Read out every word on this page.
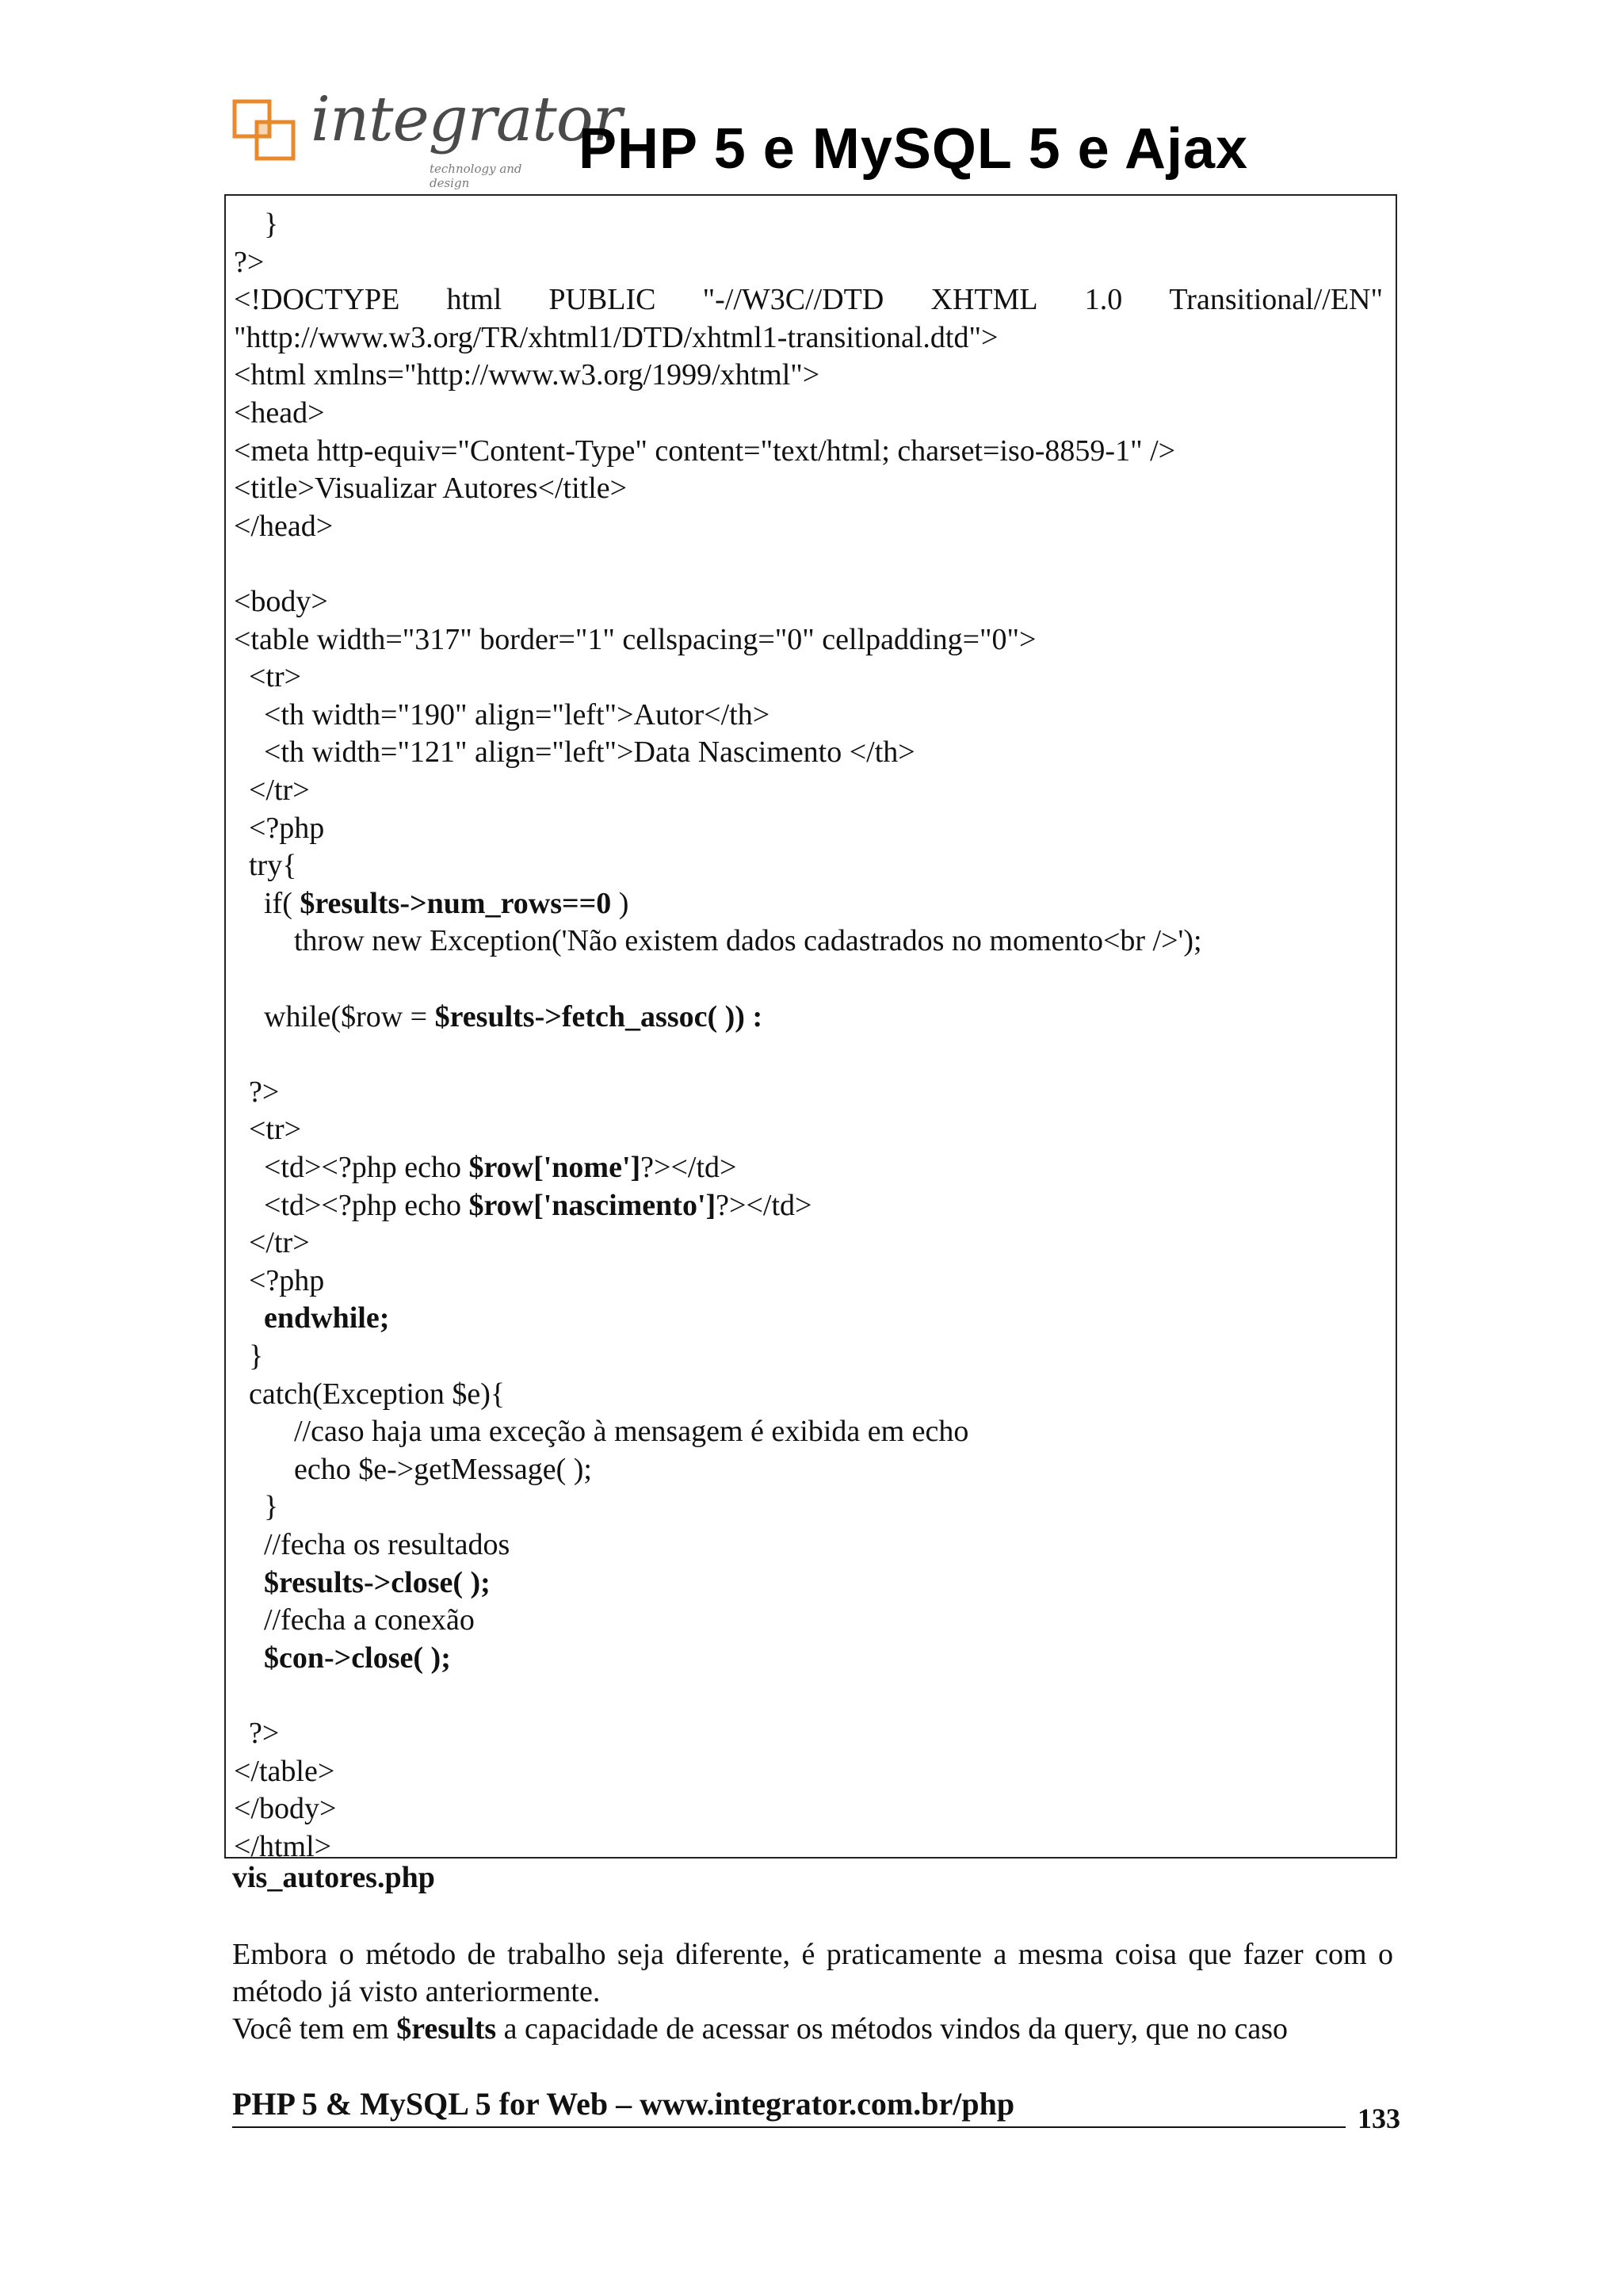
integrator
technology and design
PHP 5 e MySQL 5 e Ajax
}
?>
<!DOCTYPE html PUBLIC "-//W3C//DTD XHTML 1.0 Transitional//EN"
"http://www.w3.org/TR/xhtml1/DTD/xhtml1-transitional.dtd">
<html xmlns="http://www.w3.org/1999/xhtml">
<head>
<meta http-equiv="Content-Type" content="text/html; charset=iso-8859-1" />
<title>Visualizar Autores</title>
</head>
<body>
<table width="317" border="1" cellspacing="0" cellpadding="0">
<tr>
<th width="190" align="left">Autor</th>
<th width="121" align="left">Data Nascimento </th>
</tr>
<?php
try{
if( $results->num_rows==0 )
throw new Exception('Não existem dados cadastrados no momento<br />');
while($row = $results->fetch_assoc( )) :
?>
<tr>
<td><?php echo $row['nome']?></td>
<td><?php echo $row['nascimento']?></td>
</tr>
<?php
endwhile;
}
catch(Exception $e){
//caso haja uma exceção à mensagem é exibida em echo
echo $e->getMessage( );
}
//fecha os resultados
$results->close( );
//fecha a conexão
$con->close( );
?>
</table>
</body>
</html>
vis_autores.php
Embora o método de trabalho seja diferente, é praticamente a mesma coisa que fazer com o método já visto anteriormente.
Você tem em $results a capacidade de acessar os métodos vindos da query, que no caso
PHP 5 & MySQL 5 for Web – www.integrator.com.br/php	133
